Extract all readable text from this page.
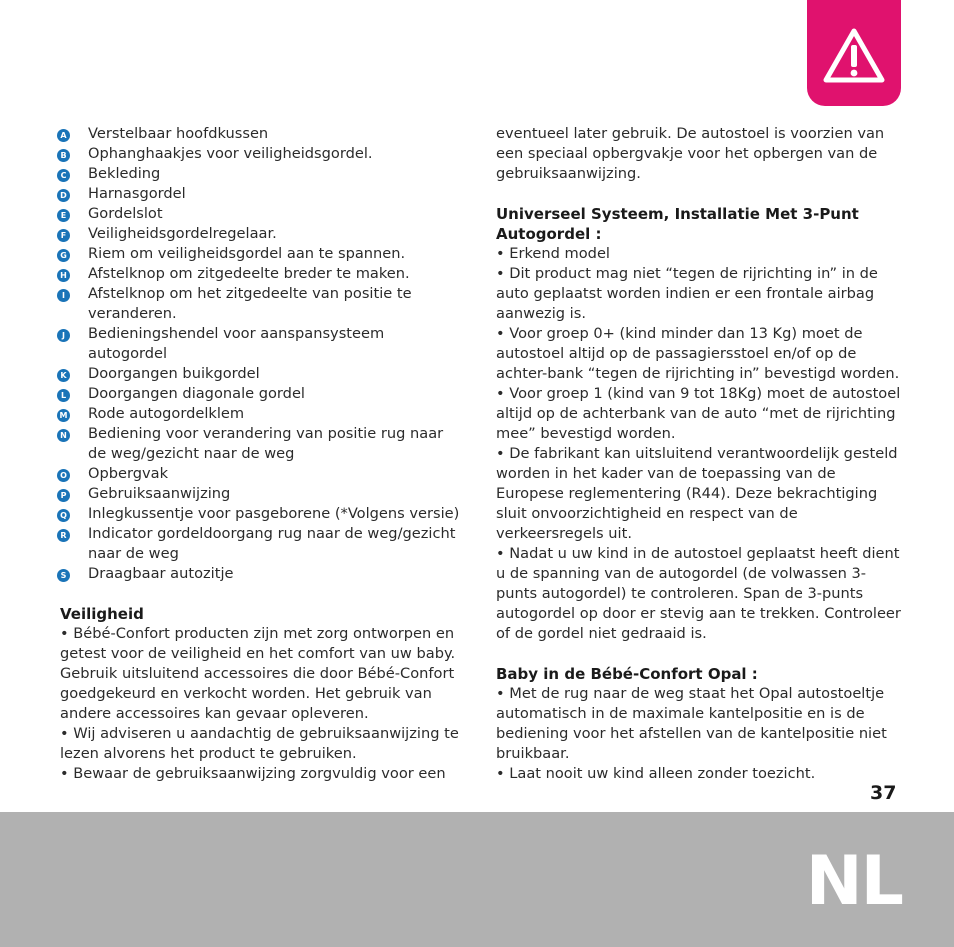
A Verstelbaar hoofdkussen
B Ophanghaakjes voor veiligheidsgordel.
C Bekleding
D Harnasgordel
E Gordelslot
F Veiligheidsgordelregelaar.
G Riem om veiligheidsgordel aan te spannen.
H Afstelknop om zitgedeelte breder te maken.
I	Afstelknop om het zitgedeelte van positie te veranderen.
J	Bedieningshendel voor aanspansysteem autogordel
K Doorgangen buikgordel
L Doorgangen diagonale gordel
M Rode autogordelklem
N Bediening voor verandering van positie rug naar de weg/gezicht naar de weg
O Opbergvak
P Gebruiksaanwijzing
Q Inlegkussentje voor pasgeborene (*Volgens versie)
R Indicator gordeldoorgang rug naar de weg/gezicht naar de weg
S Draagbaar autozitje
Veiligheid
• Bébé-Confort producten zijn met zorg ontworpen en getest voor de veiligheid en het comfort van uw baby. Gebruik uitsluitend accessoires die door Bébé-Confort goedgekeurd en verkocht worden. Het gebruik van andere accessoires kan gevaar opleveren.
• Wij adviseren u aandachtig de gebruiksaanwijzing te lezen alvorens het product te gebruiken.
• Bewaar de gebruiksaanwijzing zorgvuldig voor een
eventueel later gebruik. De autostoel is voorzien van een speciaal opbergvakje voor het opbergen van de gebruiksaanwijzing.
Universeel Systeem, Installatie Met 3-Punt Autogordel :
• Erkend model
• Dit product mag niet “tegen de rijrichting in” in de auto geplaatst worden indien er een frontale airbag aanwezig is.
• Voor groep 0+ (kind minder dan 13 Kg) moet de autostoel altijd op de passagiersstoel en/of op de achter-bank “tegen de rijrichting in” bevestigd worden.
• Voor groep 1 (kind van 9 tot 18Kg) moet de autostoel altijd op de achterbank van de auto “met de rijrichting mee” bevestigd worden.
• De fabrikant kan uitsluitend verantwoordelijk gesteld worden in het kader van de toepassing van de Europese reglementering (R44). Deze bekrachtiging sluit onvoorzichtigheid en respect van de verkeersregels uit.
• Nadat u uw kind in de autostoel geplaatst heeft dient u de spanning van de autogordel (de volwassen 3-punts autogordel) te controleren. Span de 3-punts autogordel op door er stevig aan te trekken. Controleer of de gordel niet gedraaid is.
Baby in de Bébé-Confort Opal :
• Met de rug naar de weg staat het Opal autostoeltje automatisch in de maximale kantelpositie en is de bediening voor het afstellen van de kantelpositie niet bruikbaar.
• Laat nooit uw kind alleen zonder toezicht.
37
NL
